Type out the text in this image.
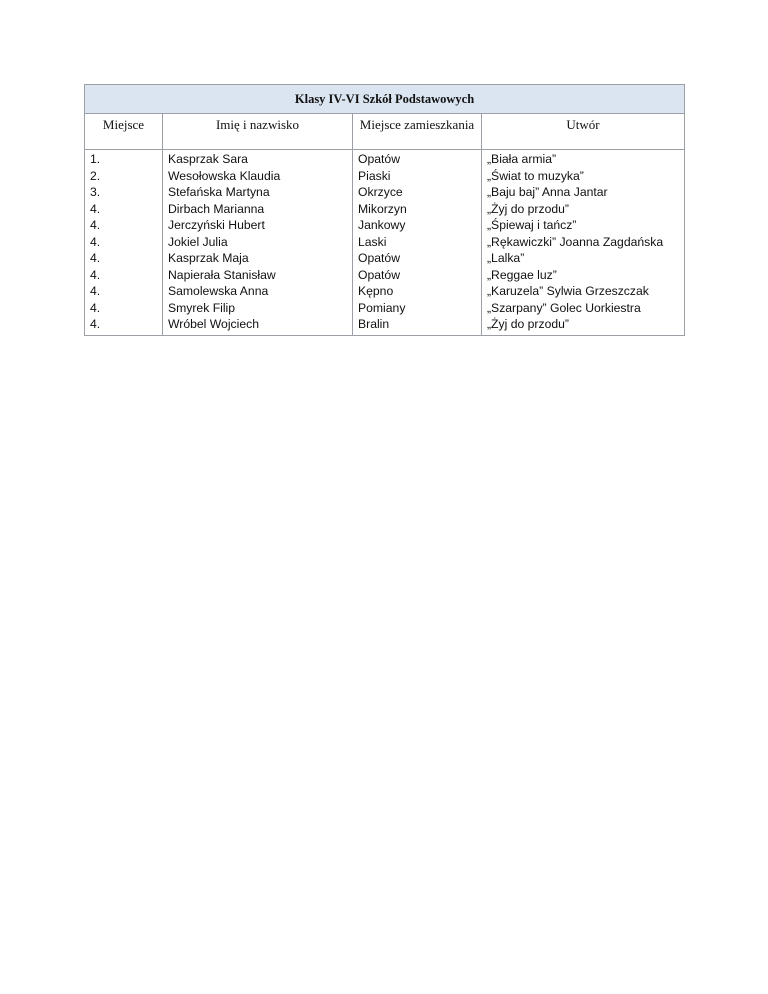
Klasy IV-VI Szkół Podstawowych			
Miejsce	Imię i nazwisko	Miejsce zamieszkania	Utwór
1.	Kasprzak Sara	Opatów	„Biała armia”
2.	Wesołowska Klaudia	Piaski	„Świat to muzyka”
3.	Stefańska Martyna	Okrzyce	„Baju baj” Anna Jantar
4.	Dirbach Marianna	Mikorzyn	„Żyj do przodu”
4.	Jerczyński Hubert	Jankowy	„Śpiewaj i tańcz”
4.	Jokiel Julia	Laski	„Rękawiczki” Joanna Zagdańska
4.	Kasprzak Maja	Opatów	„Lalka”
4.	Napierała Stanisław	Opatów	„Reggae luz”
4.	Samolewska Anna	Kępno	„Karuzela” Sylwia Grzeszczak
4.	Smyrek Filip	Pomiany	„Szarpany” Golec Uorkiestra
4.	Wróbel Wojciech	Bralin	„Żyj do przodu”
